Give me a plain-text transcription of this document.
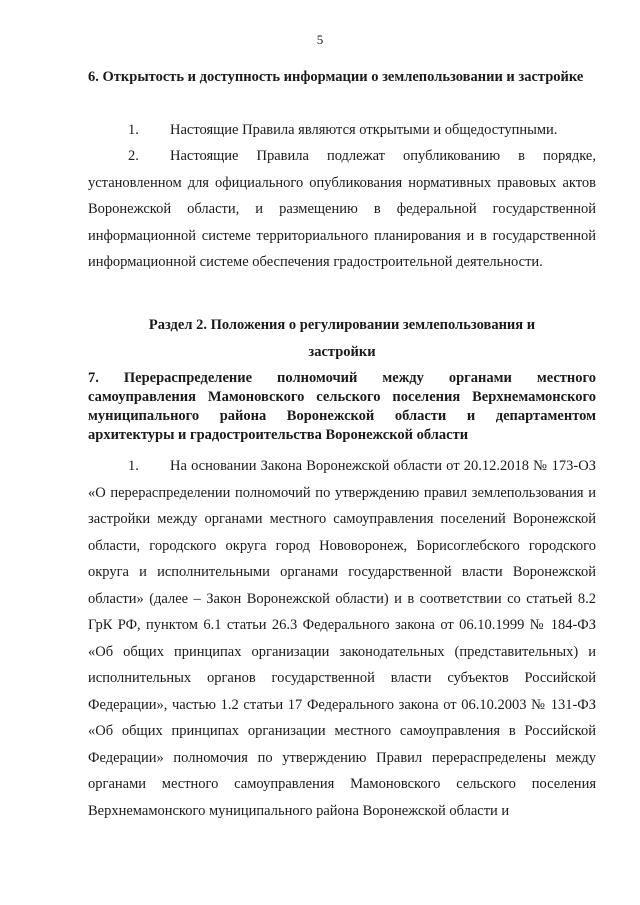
5
6. Открытость и доступность информации о землепользовании и застройке
1. Настоящие Правила являются открытыми и общедоступными.
2. Настоящие Правила подлежат опубликованию в порядке, установленном для официального опубликования нормативных правовых актов Воронежской области, и размещению в федеральной государственной информационной системе территориального планирования и в государственной информационной системе обеспечения градостроительной деятельности.
Раздел 2. Положения о регулировании землепользования и
застройки
7. Перераспределение полномочий между органами местного самоуправления Мамоновского сельского поселения Верхнемамонского муниципального района Воронежской области и департаментом архитектуры и градостроительства Воронежской области
1. На основании Закона Воронежской области от 20.12.2018 № 173-ОЗ «О перераспределении полномочий по утверждению правил землепользования и застройки между органами местного самоуправления поселений Воронежской области, городского округа город Нововоронеж, Борисоглебского городского округа и исполнительными органами государственной власти Воронежской области» (далее – Закон Воронежской области) и в соответствии со статьей 8.2 ГрК РФ, пунктом 6.1 статьи 26.3 Федерального закона от 06.10.1999 № 184-ФЗ «Об общих принципах организации законодательных (представительных) и исполнительных органов государственной власти субъектов Российской Федерации», частью 1.2 статьи 17 Федерального закона от 06.10.2003 № 131-ФЗ «Об общих принципах организации местного самоуправления в Российской Федерации» полномочия по утверждению Правил перераспределены между органами местного самоуправления Мамоновского сельского поселения Верхнемамонского муниципального района Воронежской области и
